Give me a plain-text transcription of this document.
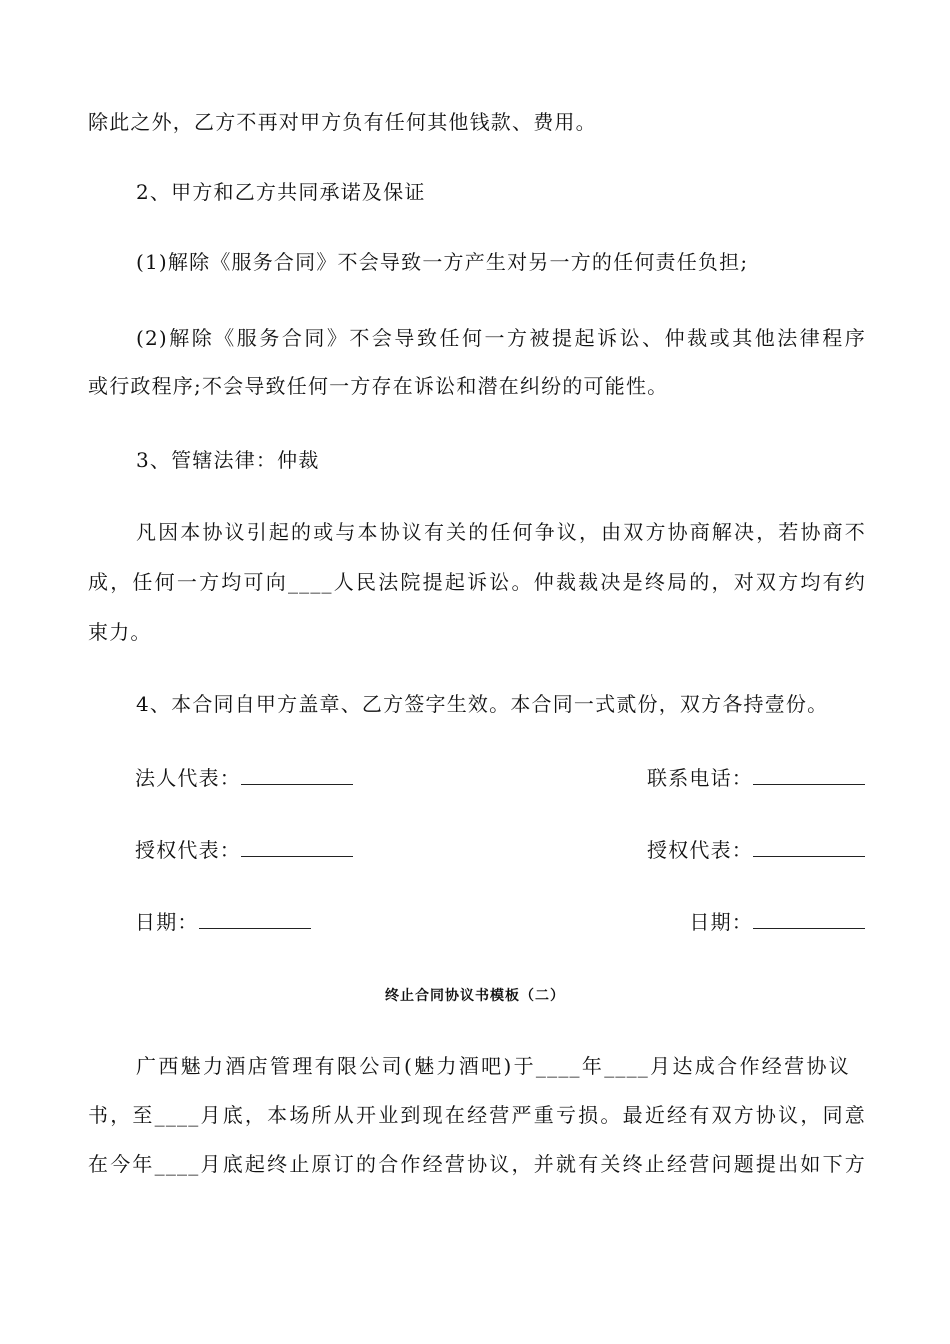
除此之外，乙方不再对甲方负有任何其他钱款、费用。
2、甲方和乙方共同承诺及保证
(1)解除《服务合同》不会导致一方产生对另一方的任何责任负担;
(2)解除《服务合同》不会导致任何一方被提起诉讼、仲裁或其他法律程序
或行政程序;不会导致任何一方存在诉讼和潜在纠纷的可能性。
3、管辖法律：仲裁
凡因本协议引起的或与本协议有关的任何争议，由双方协商解决，若协商不
成，任何一方均可向____人民法院提起诉讼。仲裁裁决是终局的，对双方均有约
束力。
4、本合同自甲方盖章、乙方签字生效。本合同一式贰份，双方各持壹份。
法人代表：	联系电话：
授权代表：	授权代表：
日期：	日期：
终止合同协议书模板（二）
广西魅力酒店管理有限公司(魅力酒吧)于____年____月达成合作经营协议
书，至____月底，本场所从开业到现在经营严重亏损。最近经有双方协议，同意
在今年____月底起终止原订的合作经营协议，并就有关终止经营问题提出如下方
